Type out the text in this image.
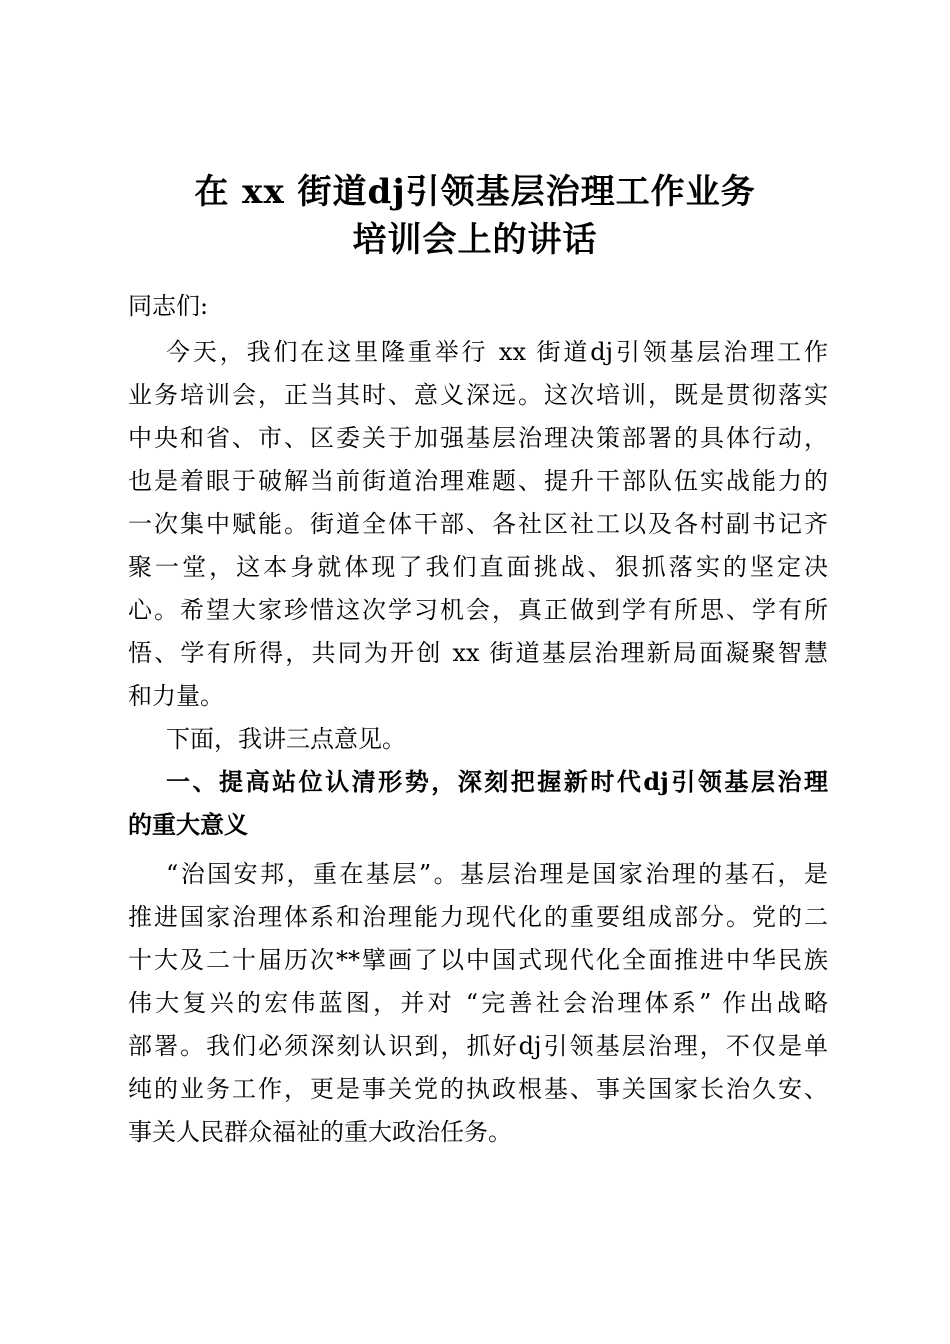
在 xx 街道dj引领基层治理工作业务
培训会上的讲话
同志们:
今天，我们在这里隆重举行 xx 街道dj引领基层治理工作
业务培训会，正当其时、意义深远。这次培训，既是贯彻落实
中央和省、市、区委关于加强基层治理决策部署的具体行动，
也是着眼于破解当前街道治理难题、提升干部队伍实战能力的
一次集中赋能。街道全体干部、各社区社工以及各村副书记齐
聚一堂，这本身就体现了我们直面挑战、狠抓落实的坚定决
心。希望大家珍惜这次学习机会，真正做到学有所思、学有所
悟、学有所得，共同为开创 xx 街道基层治理新局面凝聚智慧
和力量。
下面，我讲三点意见。
一、提高站位认清形势，深刻把握新时代dj引领基层治理
的重大意义
“治国安邦，重在基层”。基层治理是国家治理的基石，是
推进国家治理体系和治理能力现代化的重要组成部分。党的二
十大及二十届历次**擘画了以中国式现代化全面推进中华民族
伟大复兴的宏伟蓝图，并对 “完善社会治理体系” 作出战略
部署。我们必须深刻认识到，抓好dj引领基层治理，不仅是单
纯的业务工作，更是事关党的执政根基、事关国家长治久安、
事关人民群众福祉的重大政治任务。
